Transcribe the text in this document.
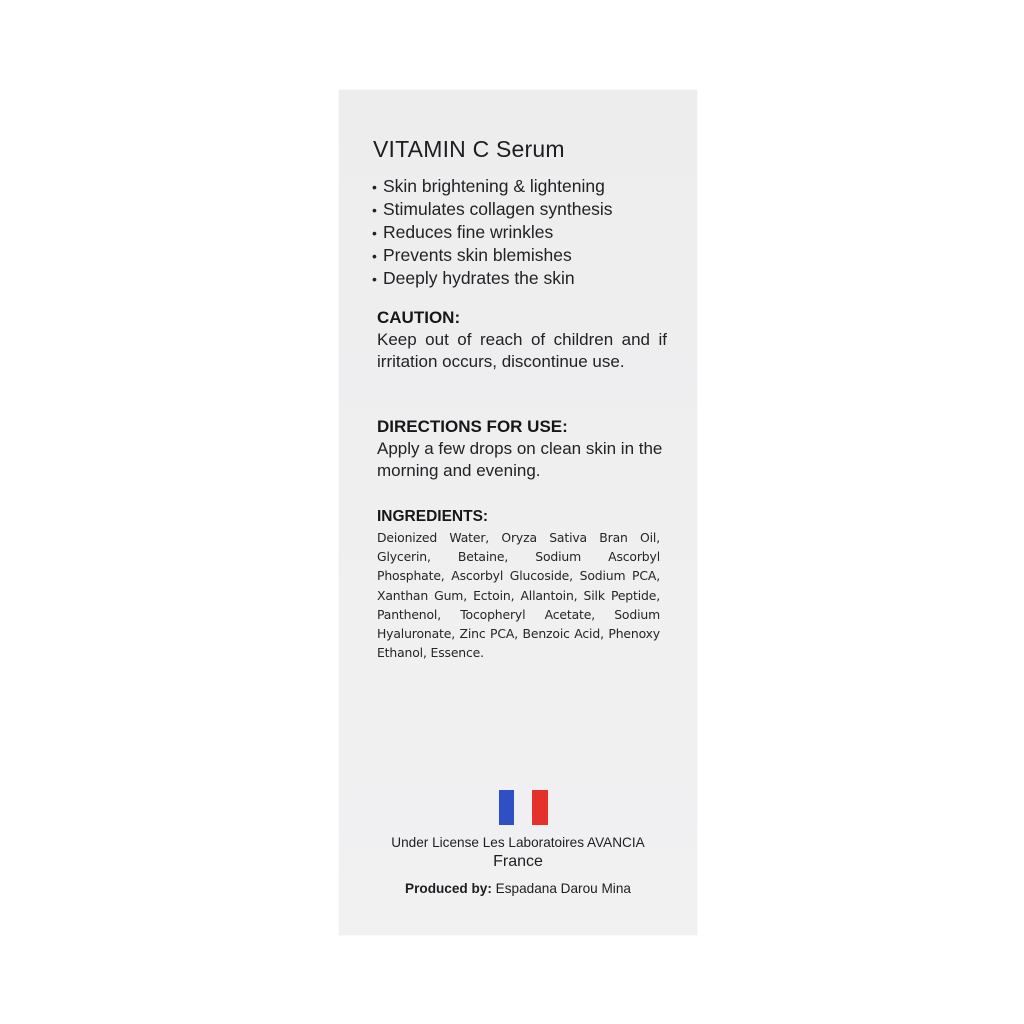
VITAMIN C Serum
• Skin brightening & lightening
• Stimulates collagen synthesis
• Reduces fine wrinkles
• Prevents skin blemishes
• Deeply hydrates the skin
CAUTION:

Keep out of reach of children and if irritation occurs, discontinue use.

DIRECTIONS FOR USE:

Apply a few drops on clean skin in the morning and evening.

INGREDIENTS:

Deionized Water, Oryza Sativa Bran Oil, Glycerin, Betaine, Sodium Ascorbyl Phosphate, Ascorbyl Glucoside, Sodium PCA, Xanthan Gum, Ectoin, Allantoin, Silk Peptide, Panthenol, Tocopheryl Acetate, Sodium Hyaluronate, Zinc PCA, Benzoic Acid, Phenoxy Ethanol, Essence.

Under License Les Laboratoires AVANCIA

France

Produced by: Espadana Darou Mina
